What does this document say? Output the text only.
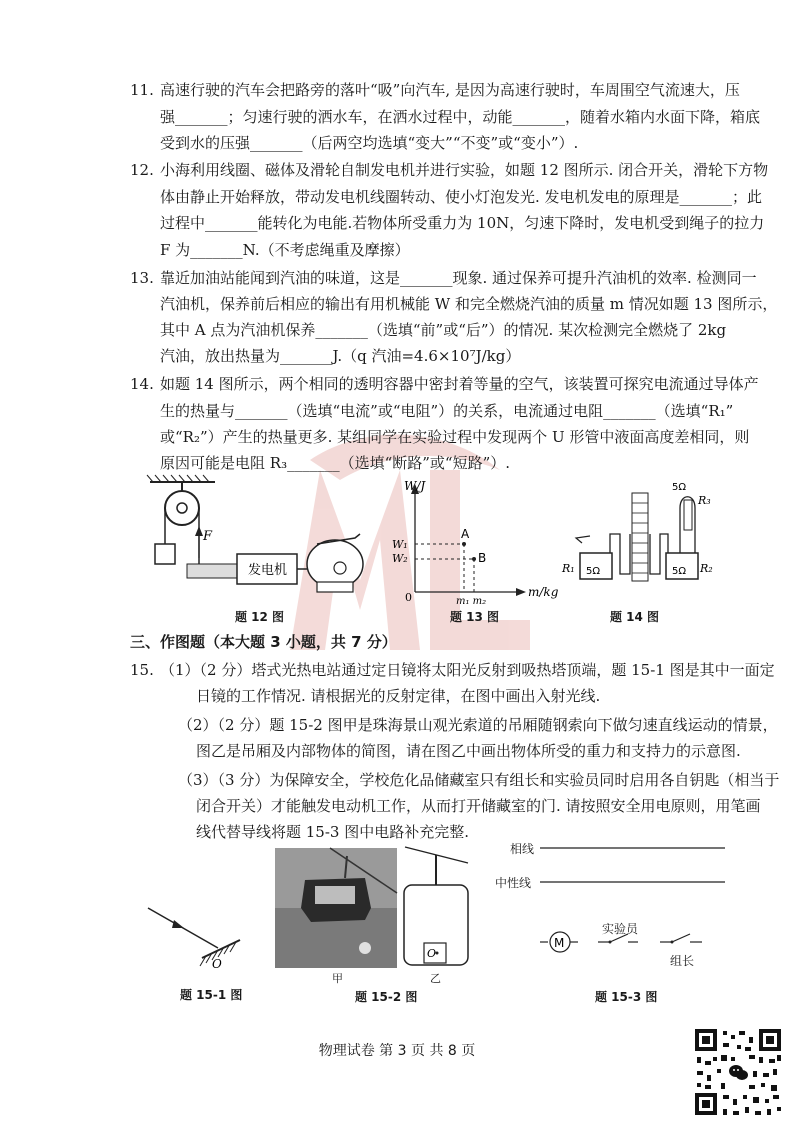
11. 高速行驶的汽车会把路旁的落叶“吸”向汽车, 是因为高速行驶时，车周围空气流速大，压
强_______；匀速行驶的洒水车，在洒水过程中，动能_______，随着水箱内水面下降，箱底
受到水的压强_______（后两空均选填“变大”“不变”或“变小”）.
12. 小海利用线圈、磁体及滑轮自制发电机并进行实验，如题 12 图所示. 闭合开关，滑轮下方物
体由静止开始释放，带动发电机线圈转动、使小灯泡发光. 发电机发电的原理是_______；此
过程中_______能转化为电能.若物体所受重力为 10N，匀速下降时，发电机受到绳子的拉力
F 为_______N.（不考虑绳重及摩擦）
13. 靠近加油站能闻到汽油的味道，这是_______现象. 通过保养可提升汽油机的效率. 检测同一
汽油机，保养前后相应的输出有用机械能 W 和完全燃烧汽油的质量 m 情况如题 13 图所示，
其中 A 点为汽油机保养_______（选填“前”或“后”）的情况. 某次检测完全燃烧了 2kg
汽油，放出热量为_______J.（q 汽油=4.6×10⁷J/kg）
14. 如题 14 图所示，两个相同的透明容器中密封着等量的空气，该装置可探究电流通过导体产
生的热量与_______（选填“电流”或“电阻”）的关系，电流通过电阻_______（选填“R₁”
或“R₂”）产生的热量更多. 某组同学在实验过程中发现两个 U 形管中液面高度差相同，则
原因可能是电阻 R₃_______（选填“断路”或“短路”）.
F
发电机
题 12 图
W/J
m/kg
0
W₁
W₂
A
B
m₁ m₂
题 13 图
5Ω	5Ω
R₁	R₂
5Ω
R₃
题 14 图
三、作图题（本大题 3 小题，共 7 分）
15. （1）（2 分）塔式光热电站通过定日镜将太阳光反射到吸热塔顶端，题 15-1 图是其中一面定
日镜的工作情况. 请根据光的反射定律，在图中画出入射光线.
（2）（2 分）题 15-2 图甲是珠海景山观光索道的吊厢随钢索向下做匀速直线运动的情景，
图乙是吊厢及内部物体的简图，请在图乙中画出物体所受的重力和支持力的示意图.
（3）（3 分）为保障安全，学校危化品储藏室只有组长和实验员同时启用各自钥匙（相当于
闭合开关）才能触发电动机工作，从而打开储藏室的门. 请按照安全用电原则，用笔画
线代替导线将题 15-3 图中电路补充完整.
O
题 15-1 图
甲
O
乙
题 15-2 图
相线
中性线
M
实验员
组长
题 15-3 图
物理试卷 第 3 页 共 8 页
